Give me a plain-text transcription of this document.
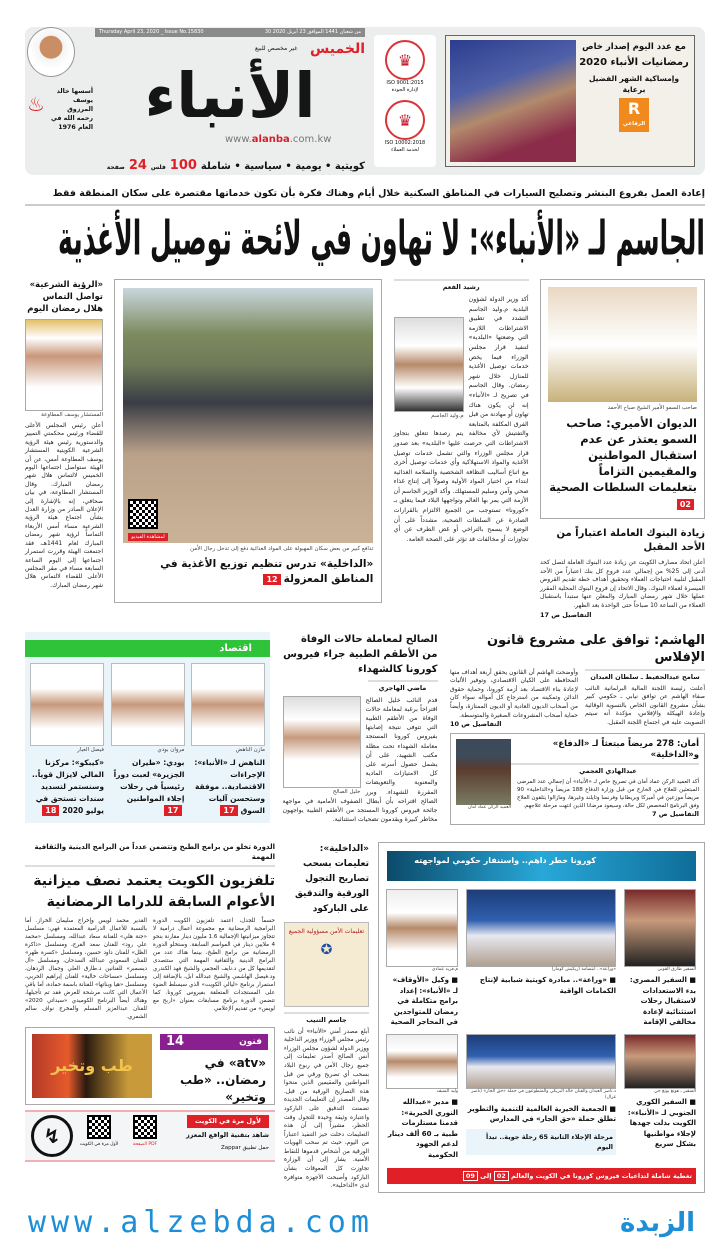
Thursday April 23, 2020 _ Issue No.15830	30 من شعبان 1441 الموافق 23 أبريل 2020
الخميس
غير مخصص للبيع
الأنباء
www.alanba.com.kw
كويتية • يومية • سياسية • شاملة
100
فلس
24
صفحة
♨
أسسها خالد يوسف المرزوق رحمه الله في العام 1976
♛
ISO 9001:2015
لإدارة الجودة
♛
ISO 10002:2018
لخدمة العملاء
مع عدد اليوم إصدار خاص
رمضانيات الأنباء 2020
وإمساكية الشهر الفضيل
برعاية
R
الرفاعي
إعادة العمل بفروع البنشر وتصليح السيارات في المناطق السكنية خلال أيام وهناك فكرة بأن تكون خدماتها مقتصرة على سكان المنطقة فقط
الجاسم لـ «الأنباء»: لا تهاون في لائحة توصيل الأغذية
صاحب السمو الأمير الشيخ صباح الأحمد
الديوان الأميري: صاحب السمو يعتذر عن عدم استقبال المواطنين والمقيمين التزاماً بتعليمات السلطات الصحية02
زيادة البنوك العاملة اعتباراً من الأحد المقبل
أعلن اتحاد مصارف الكويت عن زيادة عدد البنوك العاملة لتصل كحد أدنى إلى 25% من إجمالي عدد فروع كل بنك اعتباراً من الأحد المقبل لتلبية احتياجات العملاء وتحقيق أهداف خطة تقديم القروض الميسرة لعملاء البنوك. وقال الاتحاد إن فروع البنوك المحلية المقرر عملها خلال شهر رمضان المبارك والمعلن عنها ستبدأ باستقبال العملاء من الساعة 10 صباحاً حتى الواحدة بعد الظهر.
التفاصيل ص 17
رشيد الفعم
م.وليد الجاسم
أكد وزير الدولة لشؤون البلدية م.وليد الجاسم التشدد في تطبيق الاشتراطات اللازمة التي وضعتها «البلدية» لتنفيذ قرار مجلس الوزراء فيما يخص خدمات توصيل الأغذية للمنازل خلال شهر رمضان. وقال الجاسم في تصريح لـ «الأنباء» إنه لن يكون هناك تهاون أو مهادنة من قبل الفرق المكلفة بالمتابعة والتفتيش لأي مخالفة يتم رصدها تتعلق بتجاوز الاشتراطات التي حرصت عليها «البلدية» بعد صدور قرار مجلس الوزراء والتي تشمل خدمات توصيل الأغذية والمواد الاستهلاكية وأي خدمات توصيل أخرى مع اتباع أساليب النظافة الشخصية والسلامة الغذائية ابتداء من اختيار المواد الأولية وصولاً إلى إنتاج غذاء صحي وآمن وسليم للمستهلك. وأكد الوزير الجاسم أن الأزمة التي يمر بها العالم وتواجهها البلاد فيما يتعلق بـ «كورونا» تستوجب من الجميع الالتزام بالقرارات الصادرة عن السلطات الصحية، مشدداً على أن الوضع لا يسمح بالتراخي أو غض الطرف عن أي تجاوزات أو مخالفات قد تؤثر على الصحة العامة.
لمشاهدة الفيديو
تدافع كبير من بعض سكان المهبولة على المواد الغذائية دفع إلى تدخل رجال الأمن
«الداخلية» تدرس تنظيم توزيع الأغذية في المناطق المعزولة12
«الرؤية الشرعية» تواصل التماس هلال رمضان اليوم
المستشار يوسف المطاوعة
أعلن رئيس المجلس الأعلى للقضاء ورئيس محكمتي التمييز والدستورية رئيس هيئة الرؤية الشرعية الكويتية المستشار يوسف المطاوعة أمس، عن أن الهيئة ستواصل اجتماعها اليوم الخميس لالتماس هلال شهر رمضان المبارك. وقال المستشار المطاوعة، في بيان صحافي، إنه بالإشارة إلى الإعلان الصادر من وزارة العدل بشأن اجتماع هيئة الرؤية الشرعية مساء أمس الأربعاء التماساً لرؤية شهر رمضان المبارك لعام 1441هـ، فقد اجتمعت الهيئة وقررت استمرار اجتماعها إلى اليوم الساعة السابعة مساء في مقر المجلس الأعلى للقضاء لالتماس هلال شهر رمضان المبارك.
الهاشم: توافق على مشروع قانون الإفلاس
سامح عبدالحفيظ ـ سلطان العبدان
أعلنت رئيسة اللجنة المالية البرلمانية النائب صفاء الهاشم عن توافق نيابي ـ حكومي كبير بشأن مشروع القانون الخاص بالتسوية الوقائية وإعادة الهيكلة والإفلاس، مؤكدة أنه سيتم التصويت عليه في اجتماع اللجنة المقبل.
وأوضحت الهاشم أن القانون يحقق أربعة أهداف منها المحافظة على الكيان الاقتصادي، وتوفير الأليات لإعادة بناء الاقتصاد بعد أزمة كورونا، وحماية حقوق الدائن وتمكينه من استرجاع كل أمواله سواء كان من أصحاب الديون العادية أو الديون الممتازة، وأيضاً حماية أصحاب المشروعات الصغيرة والمتوسطة.
التفاصيل ص 10
العميد الركن عماد أمان
أمان: 278 مريضاً مبتعثاً لـ «الدفاع» و«الداخلية»
عبدالهادي العجمي
أكد العميد الركن عماد أمان في تصريح خاص لـ «الأنباء» أن إجمالي عدد المرضى المبتعثين للعلاج في الخارج من قبل وزارة الدفاع 188 مريضاً و«الداخلية» 90 مريضاً موزعين في أميركا وبريطانيا وفرنسا وتايلند وغيرها، ومازالوا يتلقون العلاج وفق البرنامج المخصص لكل حالة، وسيعود مرضانا الذين انتهت مرحلة علاجهم.
التفاصيل ص 7
الصالح لمعاملة حالات الوفاة من الأطقم الطبية جراء فيروس كورونا كالشهداء
ماضي الهاجري
خليل الصالح
قدم النائب خليل الصالح اقتراحاً برغبة لمعاملة حالات الوفاة من الأطقم الطبية التي تتوفى نتيجة إصابتها بفيروس كورونا المستجد معاملة الشهداء تحت مظلة مكتب الشهيد، على أن يشمل حصول أسرته على كل الامتيازات المادية والمعنوية والتعويضات المقررة للشهداء. وبرر الصالح اقتراحه بأن أبطال الصفوف الأمامية في مواجهة جائحة فيروس كورونا المستجد من الأطقم الطبية يواجهون مخاطر كبيرة ويقدمون تضحيات استثنائية.
اقتصاد
مازن الناهض
الناهض لـ «الأنباء»: الإجراءات الاقتصادية.. موفقة وستحسن آليات السوق17
مروان بودي
بودي: «طيران الجزيرة» لعبت دوراً رئيسياً في رحلات إجلاء المواطنين17
فيصل العيار
«كيبكو»: مركزنا المالي لايزال قوياً.. وسنستمر لتسديد سندات تستحق في يوليو 202018
كورونا خطر داهم.. واستنفار حكومي لمواجهته
السفير طارق القوني
■ السفير المصري: بدء الاستعدادات لاستقبال رحلات استثنائية لإعادة مخالفي الإقامة
«وراعة».. ابتسامة (ريكيش كومار)
■ «وراعة».. مبادرة كويتية شبابية لإنتاج الكمامات الواقية
م.فريد عمادي
■ وكيل «الأوقاف» لـ «الأنباء»: إعداد برامج متكاملة في رمضان للمتواجدين في المحاجر الصحية
السفير ـ هونغ يونغ جي
■ السفير الكوري الجنوبي لـ «الأنباء»: الكويت بذلت جهدها لإجلاء مواطنيها بشكل سريع
د.ناصر العيدان والفنان خالد البريكي والمتطوعون في حملة «حق الجار» (ناصر غزال)
■ الجمعية الخيرية العالمية للتنمية والتطوير تطلق حملة «حق الجار» في المدارس
مرحلة الإجلاء الثانية 65 رحلة جوية.. تبدأ اليوم
وليد السيف
■ مدير «عبدالله النوري الخيرية»: قدمنا مستلزمات طبية بـ 60 ألف دينار لدعم الجهود الحكومية
تغطية شاملة لتداعيات فيروس كورونا في الكويت والعالم 02 إلى 09
«الداخلية»: تعليمات بسحب تصاريح التجول الورقية والتدقيق على الباركود
تعليمات الأمن مسؤولية الجميع
✪
جاسم التنيب
أبلغ مصدر أمني «الأنباء» أن نائب رئيس مجلس الوزراء ووزير الداخلية ووزير الدولة لشؤون مجلس الوزراء أنس الصالح أصدر تعليمات إلى جميع رجال الأمن في ربوع البلاد بسحب أي تصريح ورقي من قبل المواطنين والمقيمين الذين منحوا هذه التصاريح الورقية من قبل. وقال المصدر إن التعليمات الجديدة تضمنت التدقيق على الباركود واعتباره وثيقة وحيدة للتجول وقت الحظر، مشيراً إلى أن هذه التعليمات دخلت حيز التنفيذ اعتباراً من اليوم، حيث تم سحب الهويات الورقية من أشخاص قدموها للنقاط الأمنية. يشار إلى أن الوزارة تجاوزت كل المعوقات بشأن الباركود وأصبحت الأجهزة متوافرة لدى «الداخلية».
الدورة تخلو من برامج الطبخ وتتضمن عدداً من البرامج الدينية والثقافية المهمة
تلفزيون الكويت يعتمد نصف ميزانية الأعوام السابقة للدراما الرمضانية
حسماً للجدل، اعتمد تلفزيون الكويت الدورة البرامجية الرمضانية مع مجموعة أعمال درامية لا تتجاوز ميزانيتها الإجمالية 1.6 مليون دينار مقارنة بنحو 4 ملايين دينار في المواسم السابقة. وستخلو الدورة الرمضانية من برامج الطبخ، بينما هناك عدد من البرامج الدينية والثقافية المهمة التي ستتصدى لتقديمها كل من د.نايف العجمي والشيخ فهد الكندري ود.فيصل الهاشمي والشيخ عبدالله ابل، بالإضافة إلى استمرار برنامج «ليالي الكويت» الذي سيسلط الضوء على المستجدات المتعلقة بفيروس كورونا. كما تتضمن الدورة برنامج مسابقات بعنوان «اربح مع لويس» من تقديم الإعلامي
القدير محمد لويس وإخراج سليمان الخراز. أما بالنسبة للأعمال الدرامية المعتمدة فهي: مسلسل «جنة هلي» للفنانة سعاد عبدالله، ومسلسل «محمد علي رود» للفنان سعد الفرج، ومسلسل «ذاكرة الظل» للفنان داود حسين، ومسلسل «كسرة ظهر» للفنان السعودي عبدالله السدحان، ومسلسل «أل ديسمبر» للفنانين د.طارق العلي وجمال الردهان، ومسلسل «مساحات خالية» للفنان إبراهيم الحربي، ومسلسل «هيا وبناتها» للفنانة باسمة حمادة، أما باقي الأعمال التي كانت مرشحة للعرض فقد تم تأجيلها، وهناك أيضاً البرنامج الكوميدي «سيداتي 2020» للفنان عبدالعزيز المسلم والمخرج نواف سالم الشمري.
طب وتخير
14	فنون
«atv» في رمضان.. «طب وتخير»
↯	لأول مرة في الكويت	الصفحة PDF
لأول مرة في الكويت
شاهد بتقنية الواقع المعزز
حمل تطبيق Zappar
www.alzebda.com	الزبدة
